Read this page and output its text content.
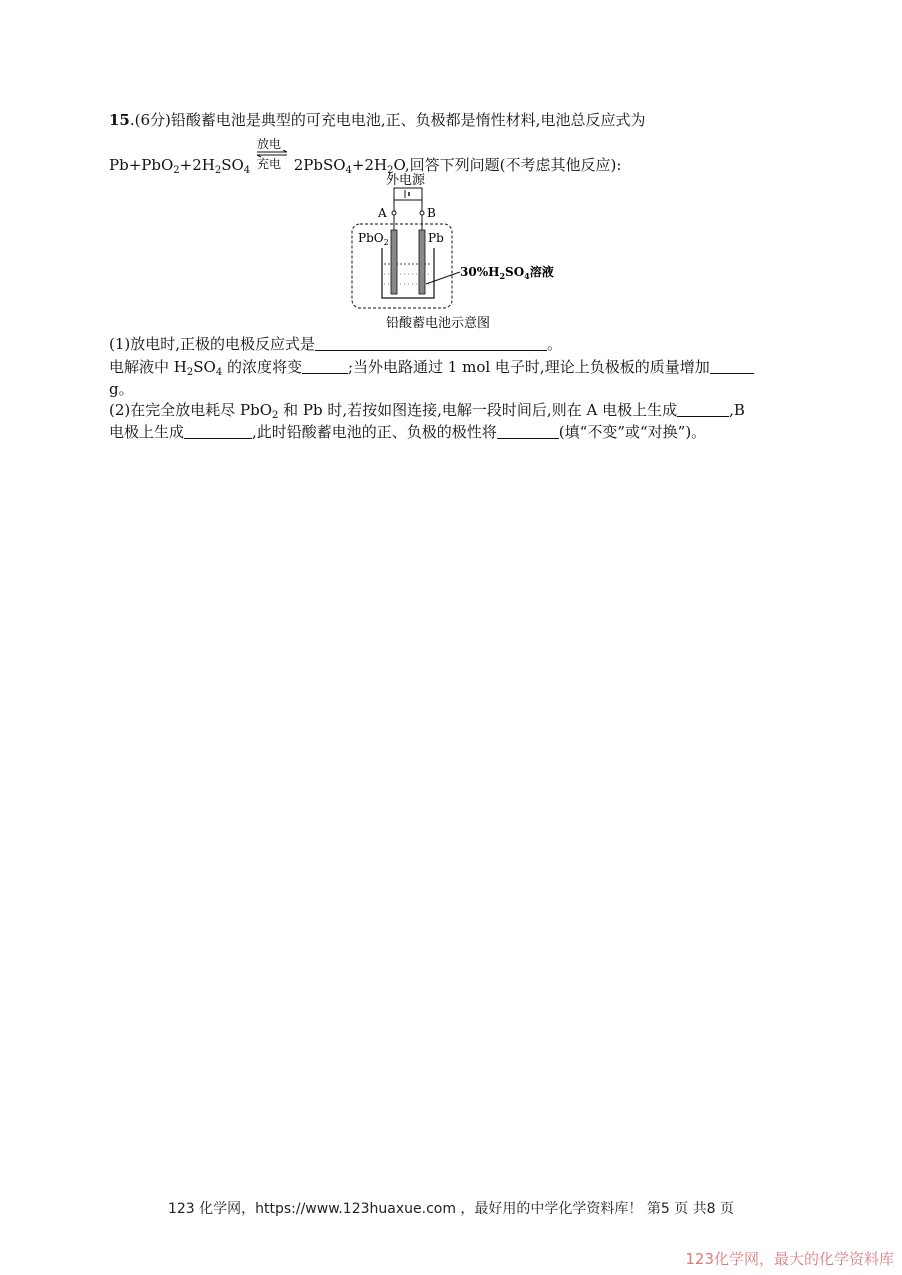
15.(6分)铅酸蓄电池是典型的可充电电池,正、负极都是惰性材料,电池总反应式为
$Pb+PbO_2+2H_2SO_4$
放电
充电 $2PbSO_4+2H_2O$,回答下列问题(不考虑其他反应):
外电源
A	B
PbO$_2$	Pb
$30\%H_2SO_4$溶液
铅酸蓄电池示意图
(1)放电时,正极的电极反应式是	。
电解液中 $H_2SO_4$ 的浓度将变	;当外电路通过 1 mol 电子时,理论上负极板的质量增加
g。
(2)在完全放电耗尽 PbO$_2$ 和 Pb 时,若按如图连接,电解一段时间后,则在 A 电极上生成	,B
电极上生成	,此时铅酸蓄电池的正、负极的极性将	(填“不变”或“对换”)。
123 化学网，https://www.123huaxue.com ，最好用的中学化学资料库！ 第5 页 共8 页
123化学网，最大的化学资料库
